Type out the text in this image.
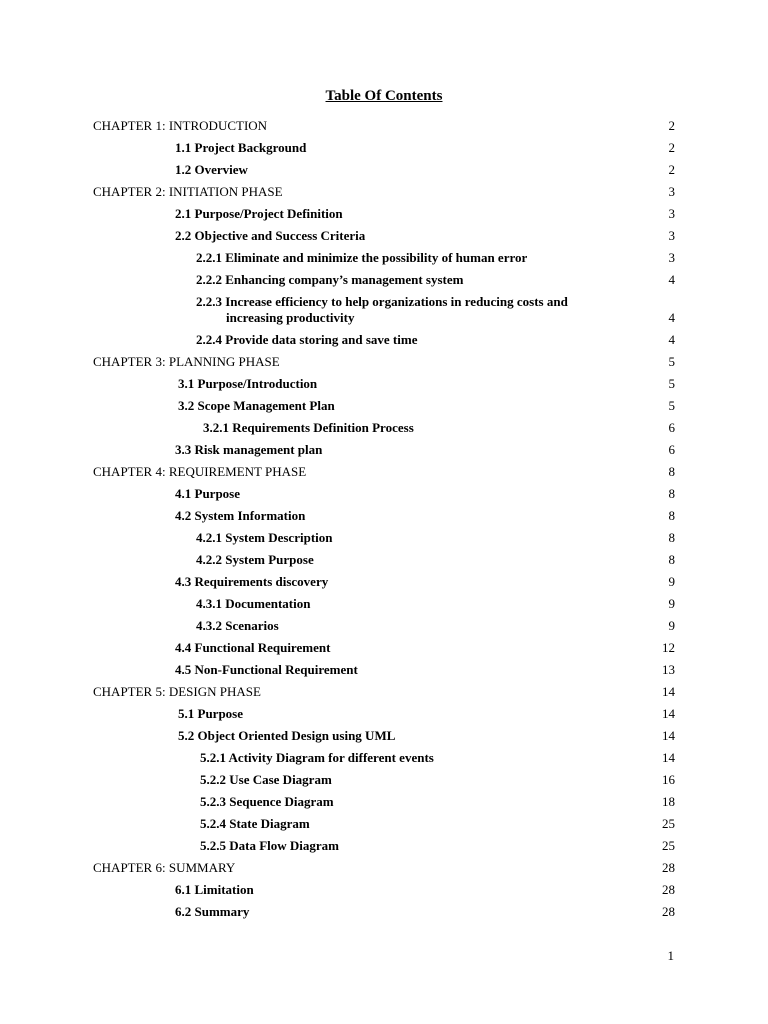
Table Of Contents
CHAPTER 1: INTRODUCTION	2
1.1 Project Background	2
1.2 Overview	2
CHAPTER 2: INITIATION PHASE	3
2.1 Purpose/Project Definition	3
2.2 Objective and Success Criteria	3
2.2.1 Eliminate and minimize the possibility of human error	3
2.2.2 Enhancing company’s management system	4
2.2.3 Increase efficiency to help organizations in reducing costs and
increasing productivity	4
2.2.4 Provide data storing and save time	4
CHAPTER 3: PLANNING PHASE	5
3.1 Purpose/Introduction	5
3.2 Scope Management Plan	5
3.2.1 Requirements Definition Process	6
3.3 Risk management plan	6
CHAPTER 4: REQUIREMENT PHASE	8
4.1 Purpose	8
4.2 System Information	8
4.2.1 System Description	8
4.2.2 System Purpose	8
4.3 Requirements discovery	9
4.3.1 Documentation	9
4.3.2 Scenarios	9
4.4 Functional Requirement	12
4.5 Non-Functional Requirement	13
CHAPTER 5: DESIGN PHASE	14
5.1 Purpose	14
5.2 Object Oriented Design using UML	14
5.2.1 Activity Diagram for different events	14
5.2.2 Use Case Diagram	16
5.2.3 Sequence Diagram	18
5.2.4 State Diagram	25
5.2.5 Data Flow Diagram	25
CHAPTER 6: SUMMARY	28
6.1 Limitation	28
6.2 Summary	28
1
